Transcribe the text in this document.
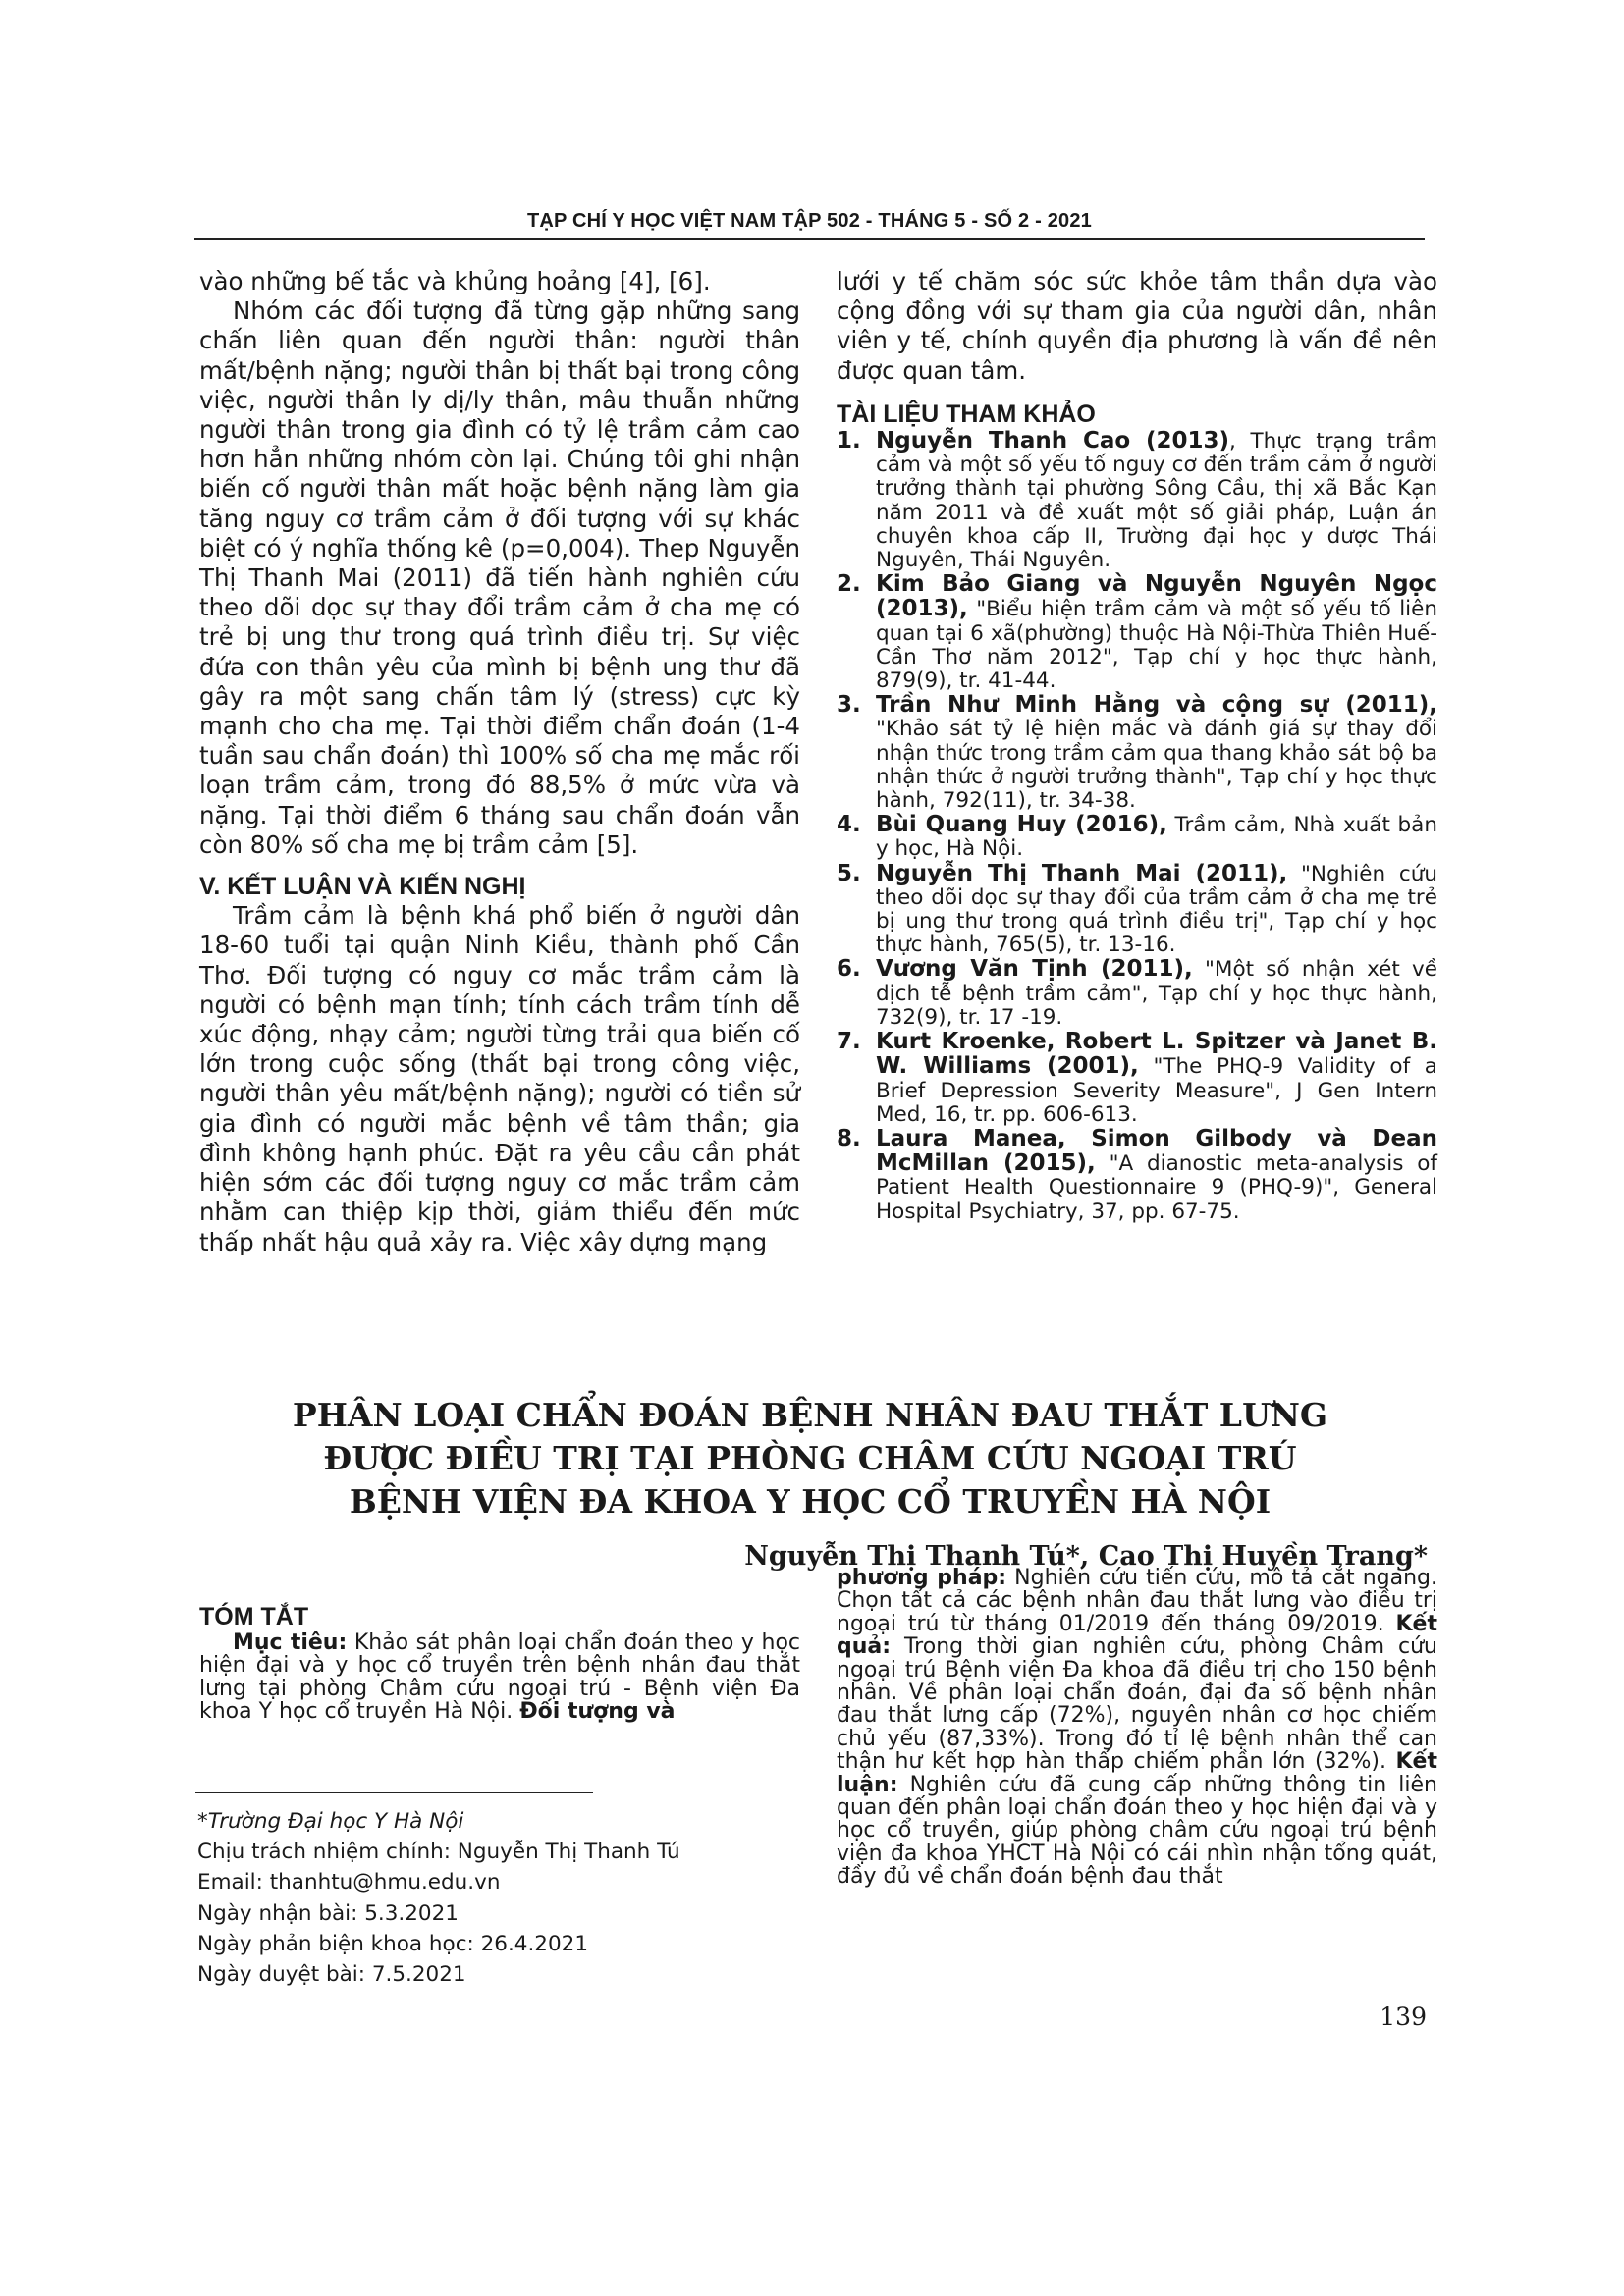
TẠP CHÍ Y HỌC VIỆT NAM TẬP 502 - THÁNG 5 - SỐ 2 - 2021

vào những bế tắc và khủng hoảng [4], [6].

Nhóm các đối tượng đã từng gặp những sang chấn liên quan đến người thân: người thân mất/bệnh nặng; người thân bị thất bại trong công việc, người thân ly dị/ly thân, mâu thuẫn những người thân trong gia đình có tỷ lệ trầm cảm cao hơn hẳn những nhóm còn lại. Chúng tôi ghi nhận biến cố người thân mất hoặc bệnh nặng làm gia tăng nguy cơ trầm cảm ở đối tượng với sự khác biệt có ý nghĩa thống kê (p=0,004). Thep Nguyễn Thị Thanh Mai (2011) đã tiến hành nghiên cứu theo dõi dọc sự thay đổi trầm cảm ở cha mẹ có trẻ bị ung thư trong quá trình điều trị. Sự việc đứa con thân yêu của mình bị bệnh ung thư đã gây ra một sang chấn tâm lý (stress) cực kỳ mạnh cho cha mẹ. Tại thời điểm chẩn đoán (1-4 tuần sau chẩn đoán) thì 100% số cha mẹ mắc rối loạn trầm cảm, trong đó 88,5% ở mức vừa và nặng. Tại thời điểm 6 tháng sau chẩn đoán vẫn còn 80% số cha mẹ bị trầm cảm [5].

V. KẾT LUẬN VÀ KIẾN NGHỊ

Trầm cảm là bệnh khá phổ biến ở người dân 18-60 tuổi tại quận Ninh Kiều, thành phố Cần Thơ. Đối tượng có nguy cơ mắc trầm cảm là người có bệnh mạn tính; tính cách trầm tính dễ xúc động, nhạy cảm; người từng trải qua biến cố lớn trong cuộc sống (thất bại trong công việc, người thân yêu mất/bệnh nặng); người có tiền sử gia đình có người mắc bệnh về tâm thần; gia đình không hạnh phúc. Đặt ra yêu cầu cần phát hiện sớm các đối tượng nguy cơ mắc trầm cảm nhằm can thiệp kịp thời, giảm thiểu đến mức thấp nhất hậu quả xảy ra. Việc xây dựng mạng

lưới y tế chăm sóc sức khỏe tâm thần dựa vào cộng đồng với sự tham gia của người dân, nhân viên y tế, chính quyền địa phương là vấn đề nên được quan tâm.

TÀI LIỆU THAM KHẢO

1. Nguyễn Thanh Cao (2013), Thực trạng trầm cảm và một số yếu tố nguy cơ đến trầm cảm ở người trưởng thành tại phường Sông Cầu, thị xã Bắc Kạn năm 2011 và đề xuất một số giải pháp, Luận án chuyên khoa cấp II, Trường đại học y dược Thái Nguyên, Thái Nguyên.
2. Kim Bảo Giang và Nguyễn Nguyên Ngọc (2013), "Biểu hiện trầm cảm và một số yếu tố liên quan tại 6 xã(phường) thuộc Hà Nội-Thừa Thiên Huế-Cần Thơ năm 2012", Tạp chí y học thực hành, 879(9), tr. 41-44.
3. Trần Như Minh Hằng và cộng sự (2011), "Khảo sát tỷ lệ hiện mắc và đánh giá sự thay đổi nhận thức trong trầm cảm qua thang khảo sát bộ ba nhận thức ở người trưởng thành", Tạp chí y học thực hành, 792(11), tr. 34-38.
4. Bùi Quang Huy (2016), Trầm cảm, Nhà xuất bản y học, Hà Nội.
5. Nguyễn Thị Thanh Mai (2011), "Nghiên cứu theo dõi dọc sự thay đổi của trầm cảm ở cha mẹ trẻ bị ung thư trong quá trình điều trị", Tạp chí y học thực hành, 765(5), tr. 13-16.
6. Vương Văn Tịnh (2011), "Một số nhận xét về dịch tễ bệnh trầm cảm", Tạp chí y học thực hành, 732(9), tr. 17 -19.
7. Kurt Kroenke, Robert L. Spitzer và Janet B. W. Williams (2001), "The PHQ-9 Validity of a Brief Depression Severity Measure", J Gen Intern Med, 16, tr. pp. 606-613.
8. Laura Manea, Simon Gilbody và Dean McMillan (2015), "A dianostic meta-analysis of Patient Health Questionnaire 9 (PHQ-9)", General Hospital Psychiatry, 37, pp. 67-75.
PHÂN LOẠI CHẨN ĐOÁN BỆNH NHÂN ĐAU THẮT LƯNG
ĐƯỢC ĐIỀU TRỊ TẠI PHÒNG CHÂM CỨU NGOẠI TRÚ
BỆNH VIỆN ĐA KHOA Y HỌC CỔ TRUYỀN HÀ NỘI
Nguyễn Thị Thanh Tú*, Cao Thị Huyền Trang*

TÓM TẮT

Mục tiêu: Khảo sát phân loại chẩn đoán theo y học hiện đại và y học cổ truyền trên bệnh nhân đau thắt lưng tại phòng Châm cứu ngoại trú - Bệnh viện Đa khoa Y học cổ truyền Hà Nội. Đối tượng và

phương pháp: Nghiên cứu tiến cứu, mô tả cắt ngang. Chọn tất cả các bệnh nhân đau thắt lưng vào điều trị ngoại trú từ tháng 01/2019 đến tháng 09/2019. Kết quả: Trong thời gian nghiên cứu, phòng Châm cứu ngoại trú Bệnh viện Đa khoa đã điều trị cho 150 bệnh nhân. Về phân loại chẩn đoán, đại đa số bệnh nhân đau thắt lưng cấp (72%), nguyên nhân cơ học chiếm chủ yếu (87,33%). Trong đó tỉ lệ bệnh nhân thể can thận hư kết hợp hàn thấp chiếm phần lớn (32%). Kết luận: Nghiên cứu đã cung cấp những thông tin liên quan đến phân loại chẩn đoán theo y học hiện đại và y học cổ truyền, giúp phòng châm cứu ngoại trú bệnh viện đa khoa YHCT Hà Nội có cái nhìn nhận tổng quát, đầy đủ về chẩn đoán bệnh đau thắt

*Trường Đại học Y Hà Nội
Chịu trách nhiệm chính: Nguyễn Thị Thanh Tú
Email: thanhtu@hmu.edu.vn
Ngày nhận bài: 5.3.2021
Ngày phản biện khoa học: 26.4.2021
Ngày duyệt bài: 7.5.2021
139
